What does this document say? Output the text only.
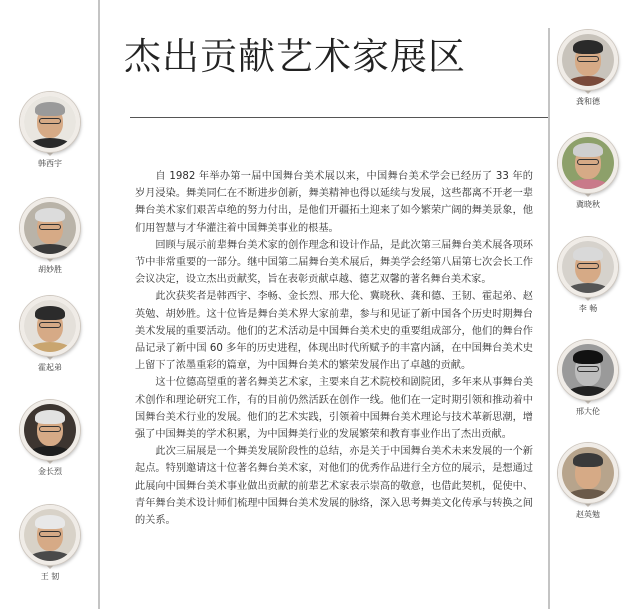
杰出贡献艺术家展区

自 1982 年举办第一届中国舞台美术展以来，中国舞台美术学会已经历了 33 年的岁月浸染。舞美同仁在不断进步创新，舞美精神也得以延续与发展，这些都离不开老一辈舞台美术家们艰苦卓绝的努力付出，是他们开疆拓土迎来了如今繁荣广阔的舞美景象，他们用智慧与才华灌注着中国舞美事业的根基。

回顾与展示前辈舞台美术家的创作理念和设计作品，是此次第三届舞台美术展各项环节中非常重要的一部分。继中国第二届舞台美术展后，舞美学会经第八届第七次会长工作会议决定，设立杰出贡献奖，旨在表彰贡献卓越、德艺双馨的著名舞台美术家。

此次获奖者是韩西宇、李畅、金长烈、邢大伦、冀晓秋、龚和德、王韧、霍起弟、赵英勉、胡妙胜。这十位皆是舞台美术界大家前辈，参与和见证了新中国各个历史时期舞台美术发展的重要活动。他们的艺术活动是中国舞台美术史的重要组成部分，他们的舞台作品记录了新中国 60 多年的历史进程，体现出时代所赋予的丰富内涵，在中国舞台美术史上留下了浓墨重彩的篇章，为中国舞台美术的繁荣发展作出了卓越的贡献。

这十位德高望重的著名舞美艺术家，主要来自艺术院校和剧院团，多年来从事舞台美术创作和理论研究工作，有的目前仍然活跃在创作一线。他们在一定时期引领和推动着中国舞台美术行业的发展。他们的艺术实践，引领着中国舞台美术理论与技术革新思潮，增强了中国舞美的学术积累，为中国舞美行业的发展繁荣和教育事业作出了杰出贡献。

此次三届展是一个舞美发展阶段性的总结，亦是关于中国舞台美术未来发展的一个新起点。特别邀请这十位著名舞台美术家，对他们的优秀作品进行全方位的展示，是想通过此展向中国舞台美术事业做出贡献的前辈艺术家表示崇高的敬意，也借此契机，促使中、青年舞台美术设计师们梳理中国舞台美术发展的脉络，深入思考舞美文化传承与转换之间的关系。

韩西宇
胡妙胜
霍起弟
金长烈
王 韧
龚和德
冀晓秋
李 畅
邢大伦
赵英勉
